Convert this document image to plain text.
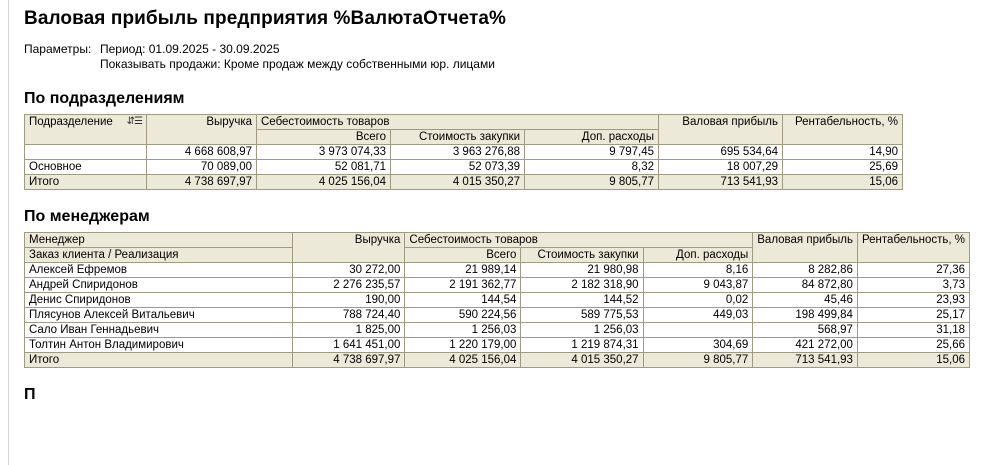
Валовая прибыль предприятия %ВалютаОтчета%
Параметры: Период: 01.09.2025 - 30.09.2025
Показывать продажи: Кроме продаж между собственными юр. лицами
По подразделениям
⇵☰
Подразделение	Выручка	Себестоимость товаров			Валовая прибыль	Рентабельность, %
		Всего	Стоимость закупки	Доп. расходы		
	4 668 608,97	3 973 074,33	3 963 276,88	9 797,45	695 534,64	14,90
Основное	70 089,00	52 081,71	52 073,39	8,32	18 007,29	25,69
Итого	4 738 697,97	4 025 156,04	4 015 350,27	9 805,77	713 541,93	15,06
По менеджерам
Менеджер	Выручка	Себестоимость товаров			Валовая прибыль	Рентабельность, %
Заказ клиента / Реализация		Всего	Стоимость закупки	Доп. расходы		
Алексей Ефремов	30 272,00	21 989,14	21 980,98	8,16	8 282,86	27,36
Андрей Спиридонов	2 276 235,57	2 191 362,77	2 182 318,90	9 043,87	84 872,80	3,73
Денис Спиридонов	190,00	144,54	144,52	0,02	45,46	23,93
Плясунов Алексей Витальевич	788 724,40	590 224,56	589 775,53	449,03	198 499,84	25,17
Сало Иван Геннадьевич	1 825,00	1 256,03	1 256,03		568,97	31,18
Толтин Антон Владимирович	1 641 451,00	1 220 179,00	1 219 874,31	304,69	421 272,00	25,66
Итого	4 738 697,97	4 025 156,04	4 015 350,27	9 805,77	713 541,93	15,06
П
